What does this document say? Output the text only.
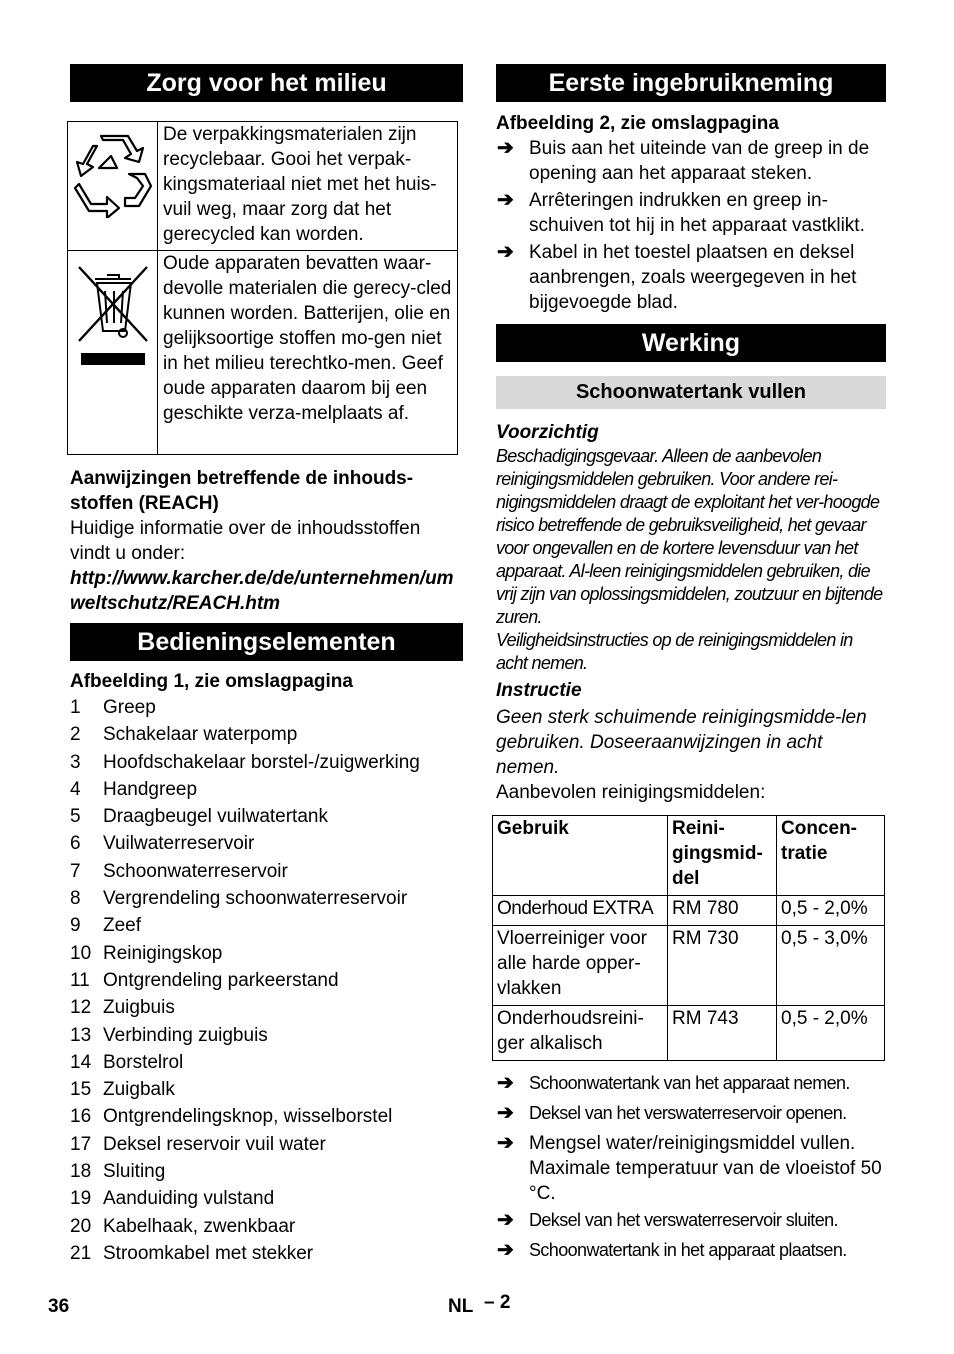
Zorg voor het milieu
	De verpakkingsmaterialen zijn recyclebaar. Gooi het verpak-kingsmateriaal niet met het huis-vuil weg, maar zorg dat het gerecycled kan worden.
	Oude apparaten bevatten waar-devolle materialen die gerecy-cled kunnen worden. Batterijen, olie en gelijksoortige stoffen mo-gen niet in het milieu terechtko-men. Geef oude apparaten daarom bij een geschikte verza-melplaats af.

Aanwijzingen betreffende de inhouds-stoffen (REACH)

Huidige informatie over de inhoudsstoffen vindt u onder:

http://www.karcher.de/de/unternehmen/umweltschutz/REACH.htm

Bedieningselementen

Afbeelding 1, zie omslagpagina

1 Greep
2 Schakelaar waterpomp
3 Hoofdschakelaar borstel-/zuigwerking
4 Handgreep
5 Draagbeugel vuilwatertank
6 Vuilwaterreservoir
7 Schoonwaterreservoir
8 Vergrendeling schoonwaterreservoir
9 Zeef
10 Reinigingskop
11 Ontgrendeling parkeerstand
12 Zuigbuis
13 Verbinding zuigbuis
14 Borstelrol
15 Zuigbalk
16 Ontgrendelingsknop, wisselborstel
17 Deksel reservoir vuil water
18 Sluiting
19 Aanduiding vulstand
20 Kabelhaak, zwenkbaar
21 Stroomkabel met stekker
Eerste ingebruikneming

Afbeelding 2, zie omslagpagina

➔ Buis aan het uiteinde van de greep in de opening aan het apparaat steken.
➔ Arrêteringen indrukken en greep in-schuiven tot hij in het apparaat vastklikt.
➔ Kabel in het toestel plaatsen en deksel aanbrengen, zoals weergegeven in het bijgevoegde blad.
Werking
Schoonwatertank vullen

Voorzichtig

Beschadigingsgevaar. Alleen de aanbevolen reinigingsmiddelen gebruiken. Voor andere rei-nigingsmiddelen draagt de exploitant het ver-hoogde risico betreffende de gebruiksveiligheid, het gevaar voor ongevallen en de kortere levensduur van het apparaat. Al-leen reinigingsmiddelen gebruiken, die vrij zijn van oplossingsmiddelen, zoutzuur en bijtende zuren.

Veiligheidsinstructies op de reinigingsmiddelen in acht nemen.

Instructie

Geen sterk schuimende reinigingsmidde-len gebruiken. Doseeraanwijzingen in acht nemen.

Aanbevolen reinigingsmiddelen:

Gebruik	Reini-gingsmid-del	Concen-tratie
Onderhoud EXTRA	RM 780	0,5 - 2,0%
Vloerreiniger voor alle harde opper-vlakken	RM 730	0,5 - 3,0%
Onderhoudsreini-ger alkalisch	RM 743	0,5 - 2,0%
➔ Schoonwatertank van het apparaat nemen.
➔ Deksel van het verswaterreservoir openen.
➔ Mengsel water/reinigingsmiddel vullen. Maximale temperatuur van de vloeistof 50 °C.
➔ Deksel van het verswaterreservoir sluiten.
➔ Schoonwatertank in het apparaat plaatsen.
36	NL – 2
